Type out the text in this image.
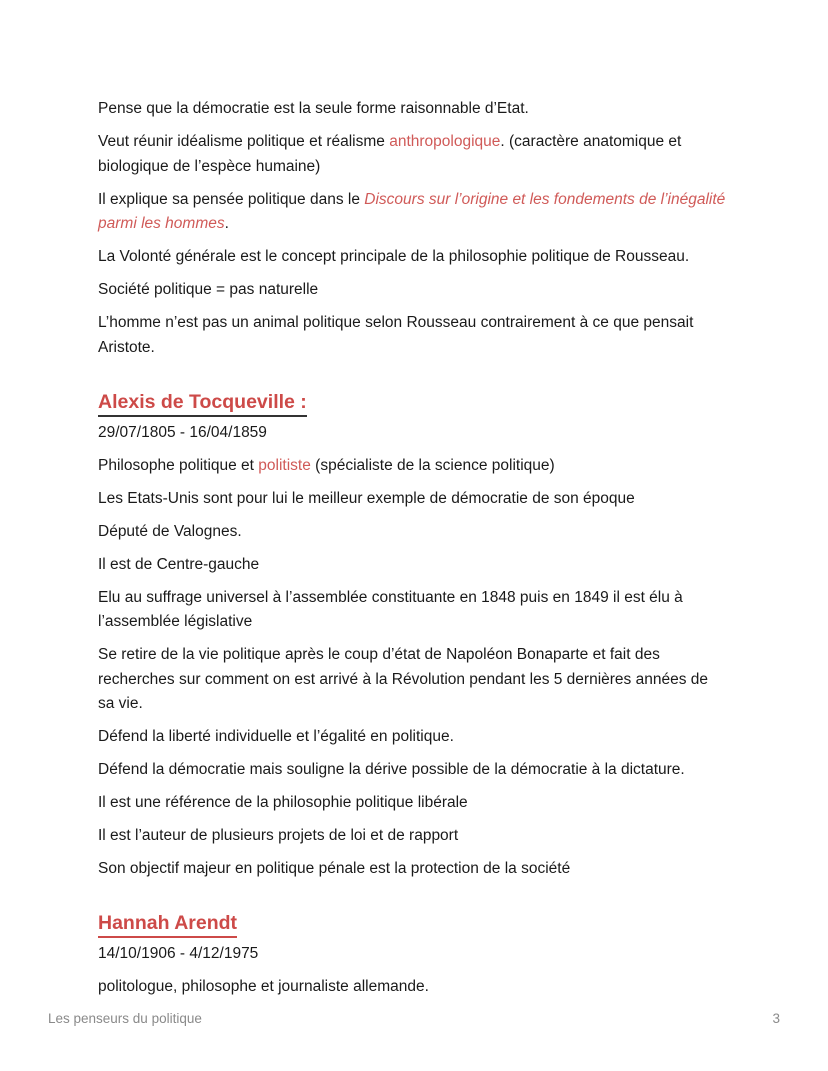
Pense que la démocratie est la seule forme raisonnable d’Etat.

Veut réunir idéalisme politique et réalisme anthropologique. (caractère anatomique et biologique de l’espèce humaine)

Il explique sa pensée politique dans le Discours sur l’origine et les fondements de l’inégalité parmi les hommes.

La Volonté générale est le concept principale de la philosophie politique de Rousseau.

Société politique = pas naturelle

L’homme n’est pas un animal politique selon Rousseau contrairement à ce que pensait Aristote.

Alexis de Tocqueville :

29/07/1805 - 16/04/1859

Philosophe politique et politiste (spécialiste de la science politique)

Les Etats-Unis sont pour lui le meilleur exemple de démocratie de son époque

Député de Valognes.

Il est de Centre-gauche

Elu au suffrage universel à l’assemblée constituante en 1848 puis en 1849 il est élu à l’assemblée législative

Se retire de la vie politique après le coup d’état de Napoléon Bonaparte et fait des recherches sur comment on est arrivé à la Révolution pendant les 5 dernières années de sa vie.

Défend la liberté individuelle et l’égalité en politique.

Défend la démocratie mais souligne la dérive possible de la démocratie à la dictature.

Il est une référence de la philosophie politique libérale

Il est l’auteur de plusieurs projets de loi et de rapport

Son objectif majeur en politique pénale est la protection de la société

Hannah Arendt

14/10/1906 - 4/12/1975

politologue, philosophe et journaliste allemande.

Les penseurs du politique	3
